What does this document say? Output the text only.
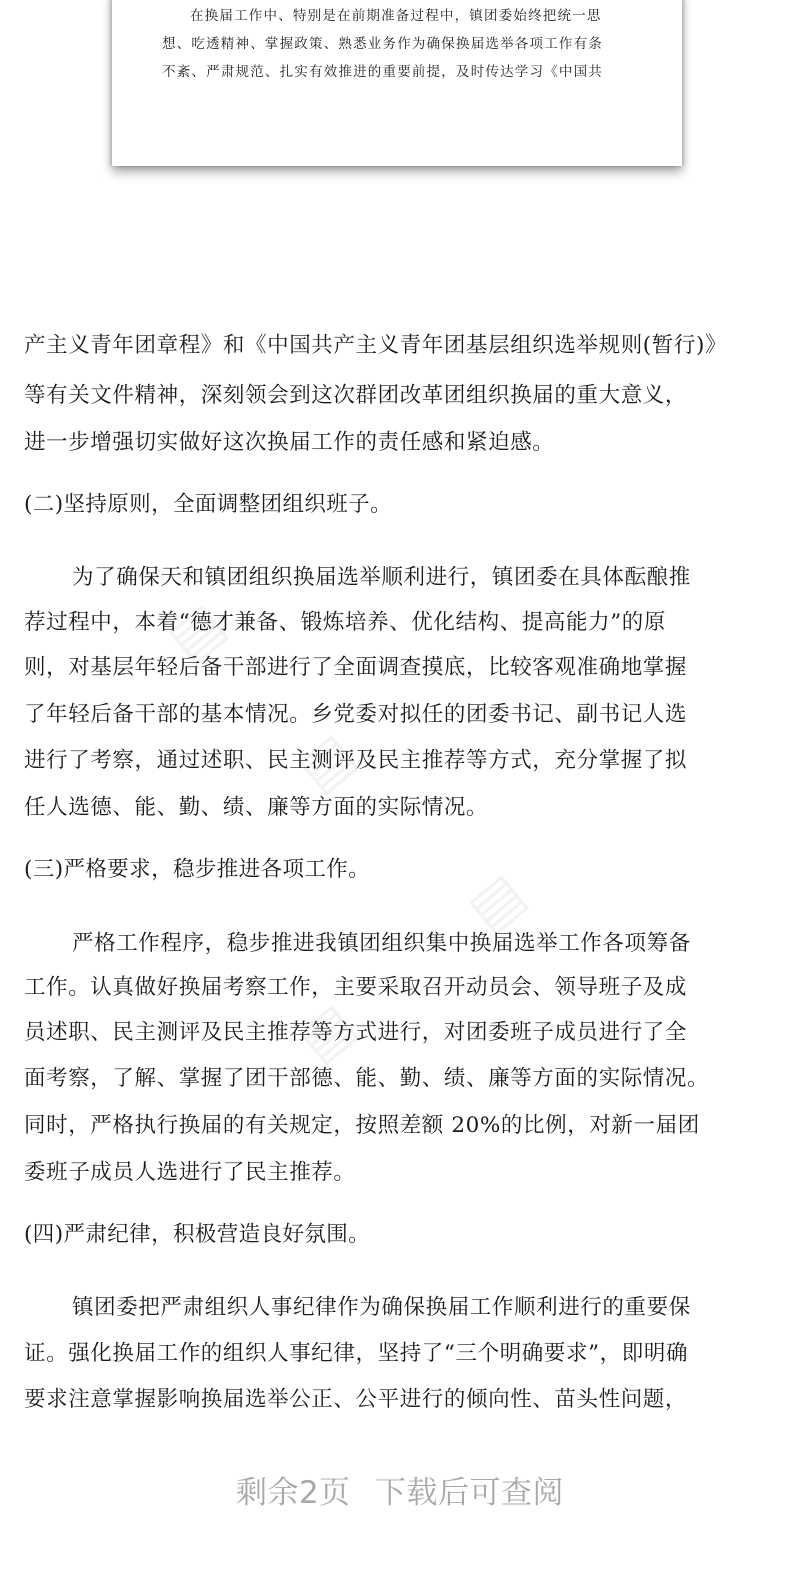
在换届工作中、特别是在前期准备过程中，镇团委始终把统一思
想、吃透精神、掌握政策、熟悉业务作为确保换届选举各项工作有条
不紊、严肃规范、扎实有效推进的重要前提，及时传达学习《中国共
▤
▤
▤
▤
产主义青年团章程》和《中国共产主义青年团基层组织选举规则(暂行)》
等有关文件精神，深刻领会到这次群团改革团组织换届的重大意义，
进一步增强切实做好这次换届工作的责任感和紧迫感。
(二)坚持原则，全面调整团组织班子。
为了确保天和镇团组织换届选举顺利进行，镇团委在具体酝酿推
荐过程中，本着“德才兼备、锻炼培养、优化结构、提高能力”的原
则，对基层年轻后备干部进行了全面调查摸底，比较客观准确地掌握
了年轻后备干部的基本情况。乡党委对拟任的团委书记、副书记人选
进行了考察，通过述职、民主测评及民主推荐等方式，充分掌握了拟
任人选德、能、勤、绩、廉等方面的实际情况。
(三)严格要求，稳步推进各项工作。
严格工作程序，稳步推进我镇团组织集中换届选举工作各项筹备
工作。认真做好换届考察工作，主要采取召开动员会、领导班子及成
员述职、民主测评及民主推荐等方式进行，对团委班子成员进行了全
面考察，了解、掌握了团干部德、能、勤、绩、廉等方面的实际情况。
同时，严格执行换届的有关规定，按照差额 20%的比例，对新一届团
委班子成员人选进行了民主推荐。
(四)严肃纪律，积极营造良好氛围。
镇团委把严肃组织人事纪律作为确保换届工作顺利进行的重要保
证。强化换届工作的组织人事纪律，坚持了“三个明确要求”，即明确
要求注意掌握影响换届选举公正、公平进行的倾向性、苗头性问题，
剩余2页 下载后可查阅
